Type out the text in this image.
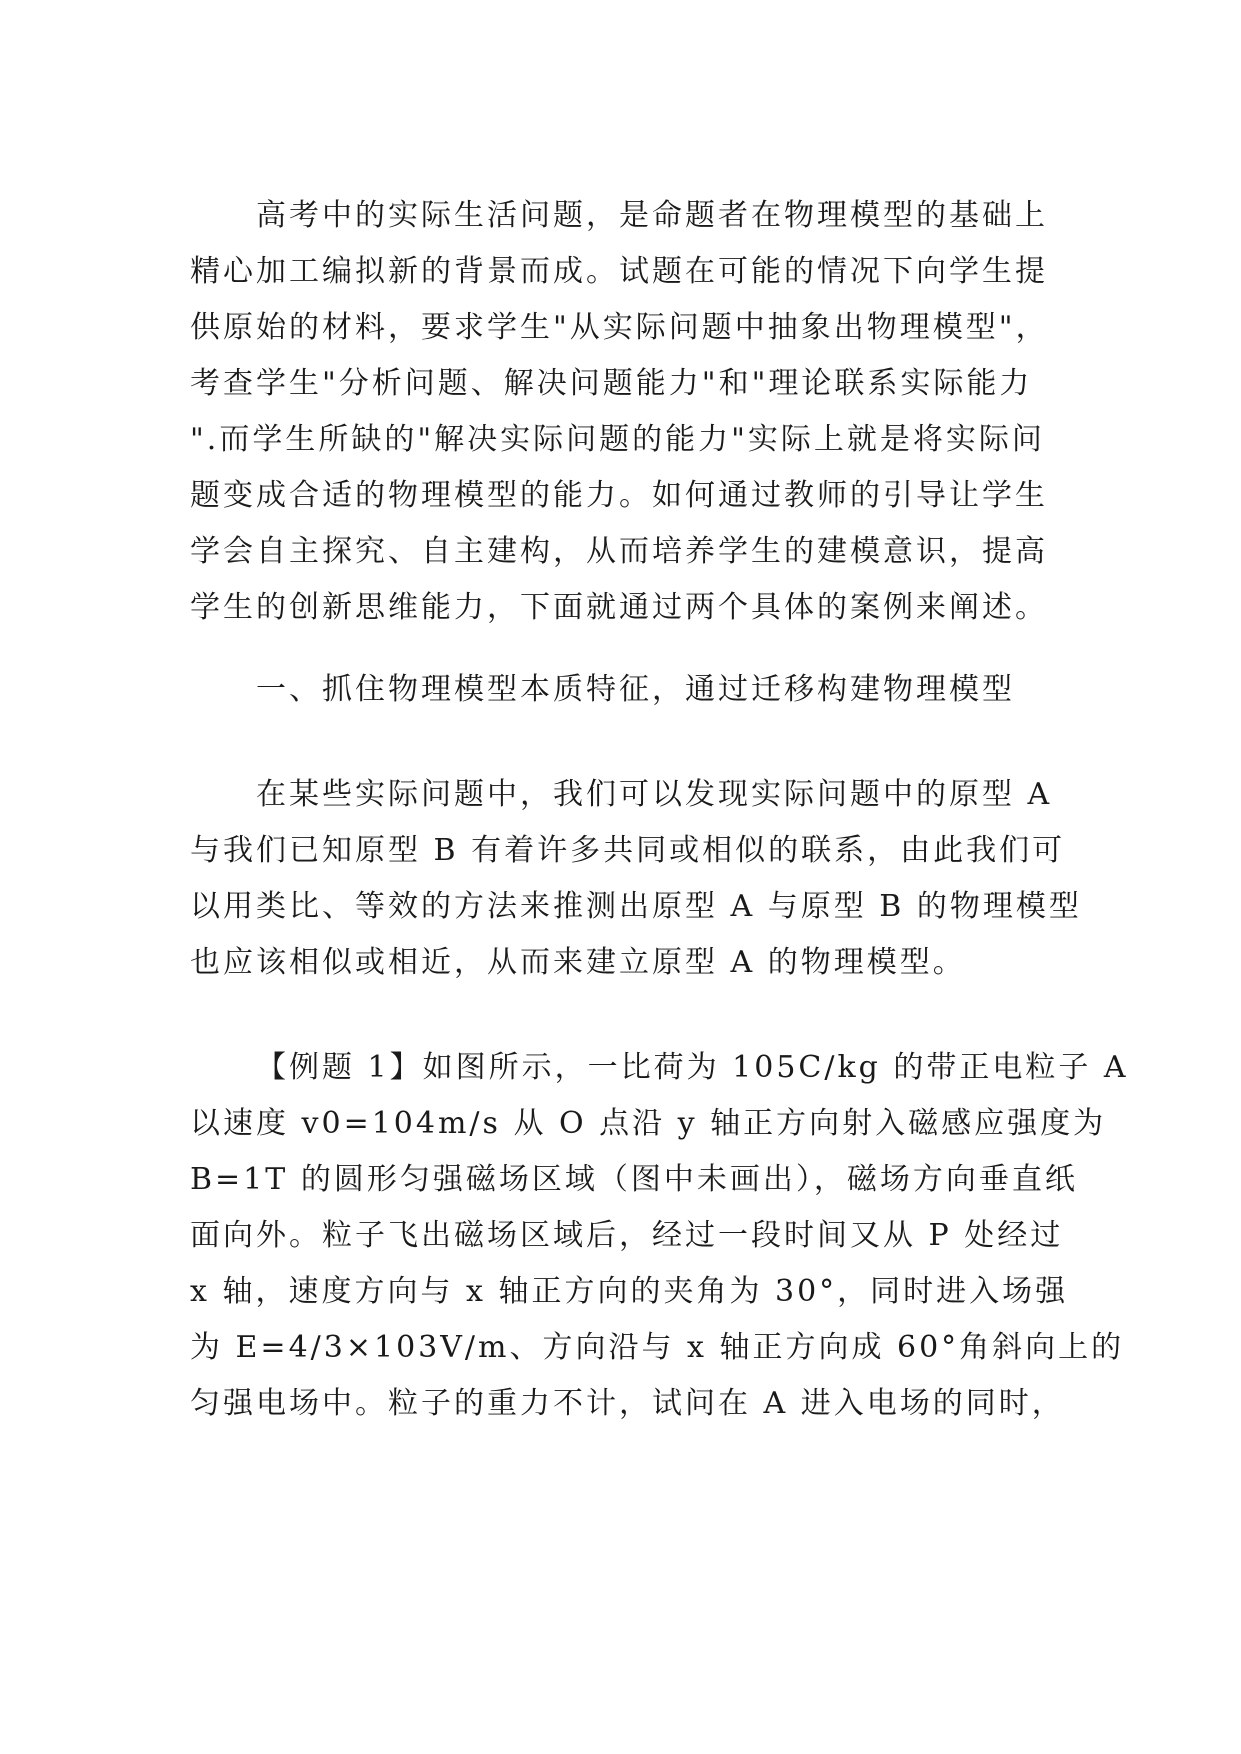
高考中的实际生活问题，是命题者在物理模型的基础上

精心加工编拟新的背景而成。试题在可能的情况下向学生提

供原始的材料，要求学生"从实际问题中抽象出物理模型"，

考查学生"分析问题、解决问题能力"和"理论联系实际能力

".而学生所缺的"解决实际问题的能力"实际上就是将实际问

题变成合适的物理模型的能力。如何通过教师的引导让学生

学会自主探究、自主建构，从而培养学生的建模意识，提高

学生的创新思维能力，下面就通过两个具体的案例来阐述。

一、抓住物理模型本质特征，通过迁移构建物理模型

在某些实际问题中，我们可以发现实际问题中的原型 A

与我们已知原型 B 有着许多共同或相似的联系，由此我们可

以用类比、等效的方法来推测出原型 A 与原型 B 的物理模型

也应该相似或相近，从而来建立原型 A 的物理模型。

【例题 1】如图所示，一比荷为 105C/kg 的带正电粒子 A

以速度 v0=104m/s 从 O 点沿 y 轴正方向射入磁感应强度为

B=1T 的圆形匀强磁场区域（图中未画出），磁场方向垂直纸

面向外。粒子飞出磁场区域后，经过一段时间又从 P 处经过

x 轴，速度方向与 x 轴正方向的夹角为 30°，同时进入场强

为 E=4/3×103V/m、方向沿与 x 轴正方向成 60°角斜向上的

匀强电场中。粒子的重力不计，试问在 A 进入电场的同时，
